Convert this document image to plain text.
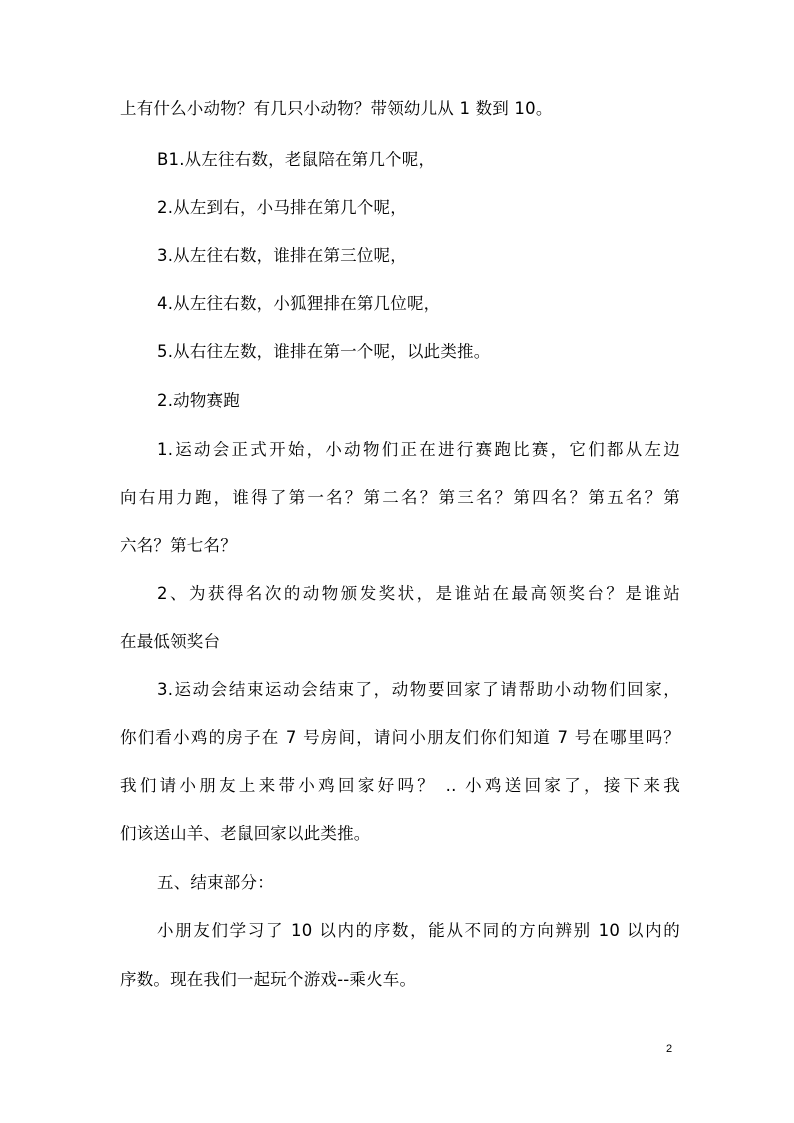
上有什么小动物？有几只小动物？带领幼儿从 1 数到 10。
B1.从左往右数，老鼠陪在第几个呢，
2.从左到右，小马排在第几个呢，
3.从左往右数，谁排在第三位呢，
4.从左往右数，小狐狸排在第几位呢，
5.从右往左数，谁排在第一个呢，以此类推。
2.动物赛跑
1.运动会正式开始，小动物们正在进行赛跑比赛，它们都从左边
向右用力跑，谁得了第一名？第二名？第三名？第四名？第五名？第
六名？第七名？
2、为获得名次的动物颁发奖状，是谁站在最高领奖台？是谁站
在最低领奖台
3.运动会结束运动会结束了，动物要回家了请帮助小动物们回家，
你们看小鸡的房子在 7 号房间，请问小朋友们你们知道 7 号在哪里吗？
我们请小朋友上来带小鸡回家好吗？ .. 小鸡送回家了，接下来我
们该送山羊、老鼠回家以此类推。
五、结束部分：
小朋友们学习了 10 以内的序数，能从不同的方向辨别 10 以内的
序数。现在我们一起玩个游戏--乘火车。
2
